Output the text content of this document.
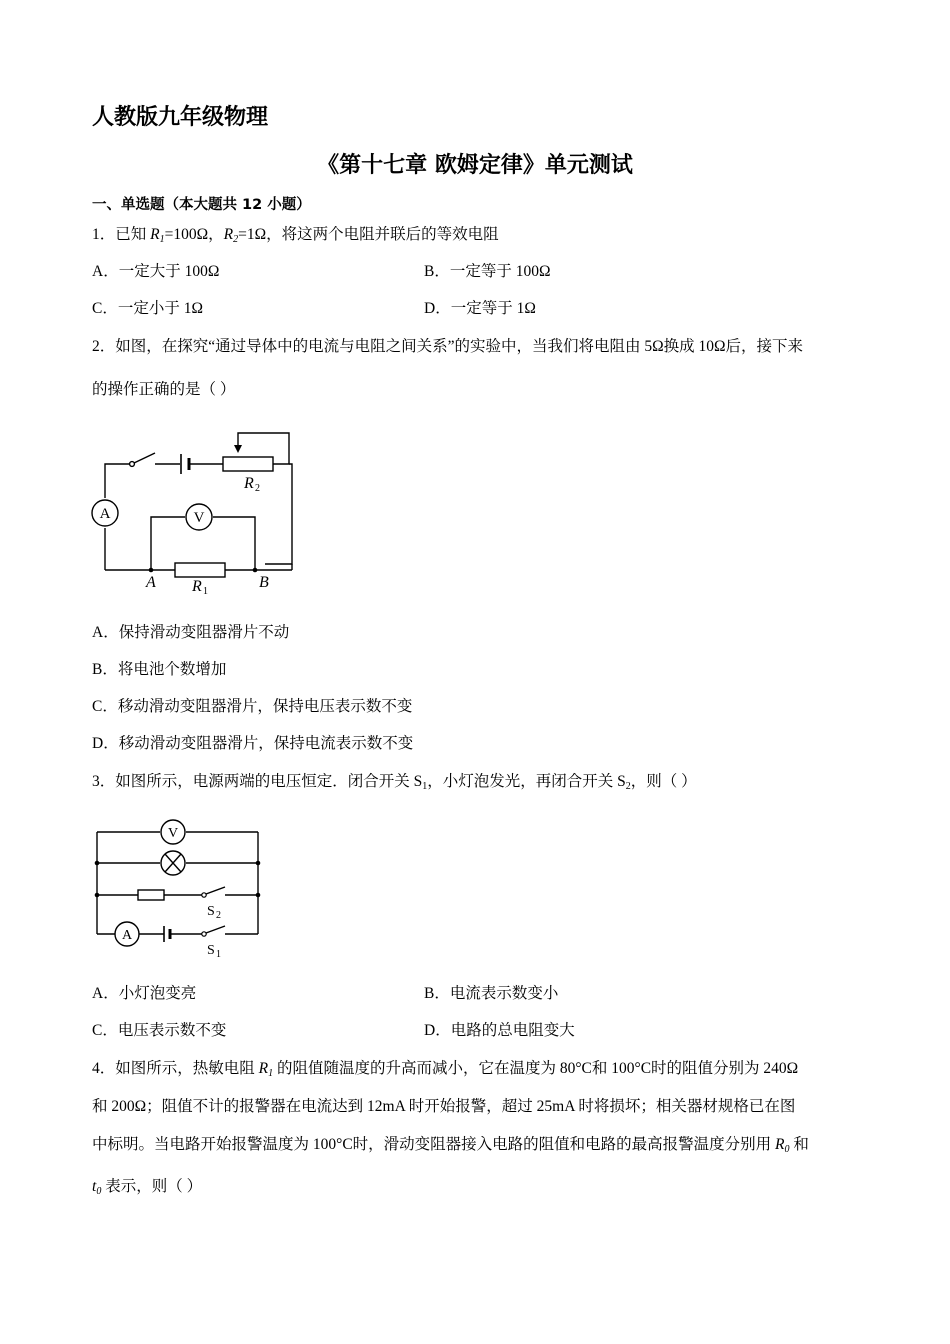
人教版九年级物理
《第十七章 欧姆定律》单元测试
一、单选题（本大题共 12 小题）
1．已知 $R_1=100\Omega$，$R_2=1\Omega$，将这两个电阻并联后的等效电阻
A．一定大于 100Ω	B．一定等于 100Ω
C．一定小于 1Ω	D．一定等于 1Ω
2．如图，在探究“通过导体中的电流与电阻之间关系”的实验中，当我们将电阻由 5Ω换成 10Ω后，接下来
的操作正确的是（ ）
A	V
R 2
R 1
A	B
A．保持滑动变阻器滑片不动
B．将电池个数增加
C．移动滑动变阻器滑片，保持电压表示数不变
D．移动滑动变阻器滑片，保持电流表示数不变
3．如图所示，电源两端的电压恒定．闭合开关 $S_1$，小灯泡发光，再闭合开关 $S_2$，则（ ）
V
A
S 2
S 1
A．小灯泡变亮	B．电流表示数变小
C．电压表示数不变	D．电路的总电阻变大
4．如图所示，热敏电阻 $R_1$ 的阻值随温度的升高而减小，它在温度为 80°C和 100°C时的阻值分别为 240Ω
和 200Ω；阻值不计的报警器在电流达到 12mA 时开始报警，超过 25mA 时将损坏；相关器材规格已在图
中标明。当电路开始报警温度为 100°C时，滑动变阻器接入电路的阻值和电路的最高报警温度分别用 $R_0$ 和
$t_0$ 表示，则（ ）
